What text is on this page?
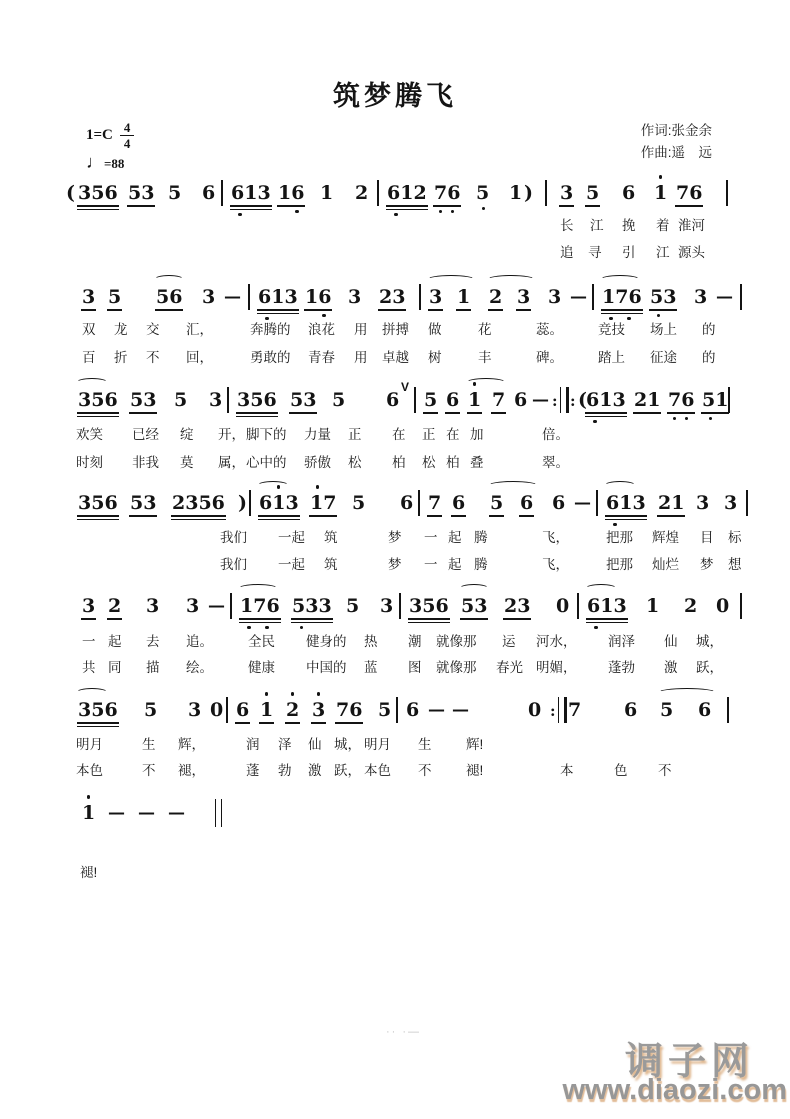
筑梦腾飞
$1=C \frac{4}{4}$
♩=88
作词:张金余
作曲:遥　远
( 356 53 5 6 613 16 1 2 612 76 5 1 ) 3 5 6 1 76
长 江 挽 着 淮河
追 寻 引 江 源头
3 5 56 3 — 613 16 3 23 3 1 2 3 3 — 176 53 3 —
双 龙 交 汇，	奔腾的 浪花 用 拼搏 做	花	蕊。	竞技 场上 的
百 折 不 回，	勇敢的 青春 用 卓越 树	丰	碑。	踏上 征途 的
356 53 5 3 356 53 5 6
V
5 6 1 7 6 — : : ( 613 21 76 51
欢笑 已经 绽 开， 脚下的 力量 正 在 正 在 加	倍。
时刻 非我 莫 属， 心中的 骄傲 松 柏 松 柏 叠	翠。
356 53 2356 ) 613 17 5 6 7 6 5 6 6 — 613 21 3 3
我们 一起 筑	梦 一 起 腾	飞，	把那 辉煌 目 标
我们 一起 筑	梦 一 起 腾	飞，	把那 灿烂 梦 想
3 2 3 3 — 176 533 5 3 356 53 23 0 613 1 2 0
一 起 去 追。	全民 健身的 热 潮 就像那 运 河水， 润泽 仙 城，
共 同 描 绘。	健康 中国的 蓝 图 就像那 春光 明媚， 蓬勃 激 跃，
356 5 3 0 6 1 2 3 76 5 6 — —	0 : 7 6 5 6
明月	生 辉，	润 泽 仙 城， 明月 生	辉!
本色	不 褪，	蓬 勃 激 跃， 本色 不	褪!	本	色 不
1 — — —
褪!
·· ·—
调子网
www.diaozi.com
